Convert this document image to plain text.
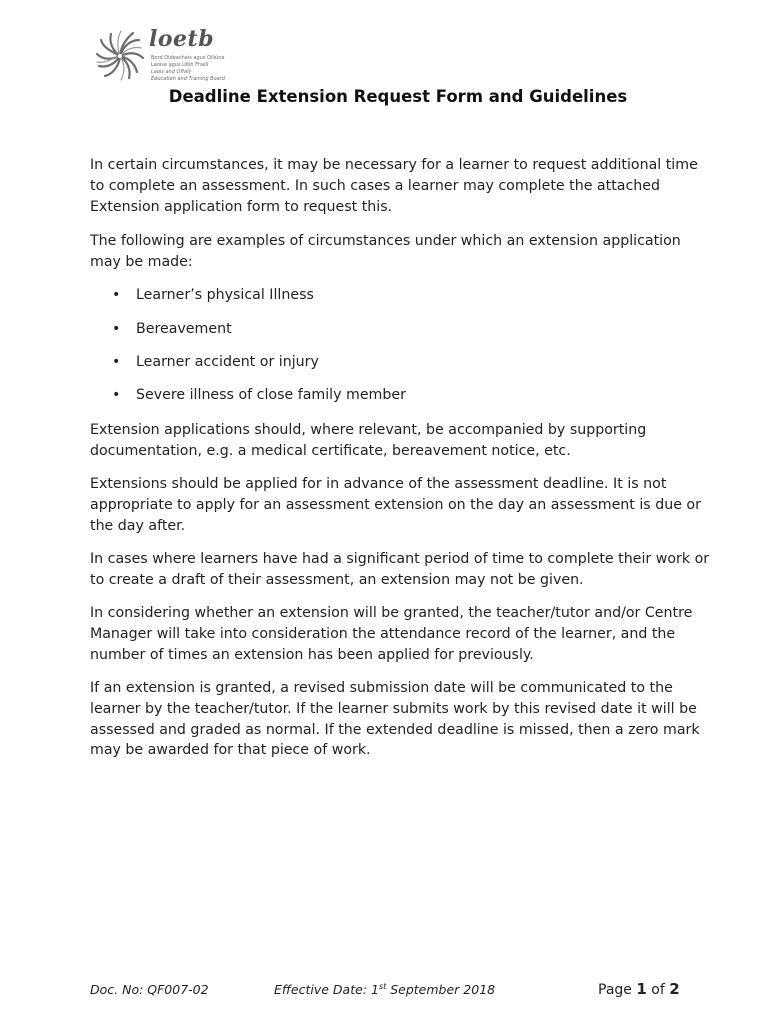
loetb
Bord Oideachais agus Oiliúna
Laoise agus Uíbh Fhailí
Laois and Offaly
Education and Training Board
Deadline Extension Request Form and Guidelines

In certain circumstances, it may be necessary for a learner to request additional time to complete an assessment. In such cases a learner may complete the attached Extension application form to request this.

The following are examples of circumstances under which an extension application may be made:

• Learner’s physical Illness
• Bereavement
• Learner accident or injury
• Severe illness of close family member

Extension applications should, where relevant, be accompanied by supporting documentation, e.g. a medical certificate, bereavement notice, etc.

Extensions should be applied for in advance of the assessment deadline. It is not appropriate to apply for an assessment extension on the day an assessment is due or the day after.

In cases where learners have had a significant period of time to complete their work or to create a draft of their assessment, an extension may not be given.

In considering whether an extension will be granted, the teacher/tutor and/or Centre Manager will take into consideration the attendance record of the learner, and the number of times an extension has been applied for previously.

If an extension is granted, a revised submission date will be communicated to the learner by the teacher/tutor. If the learner submits work by this revised date it will be assessed and graded as normal. If the extended deadline is missed, then a zero mark may be awarded for that piece of work.

Doc. No: QF007-02	Effective Date: 1st September 2018	Page 1 of 2
